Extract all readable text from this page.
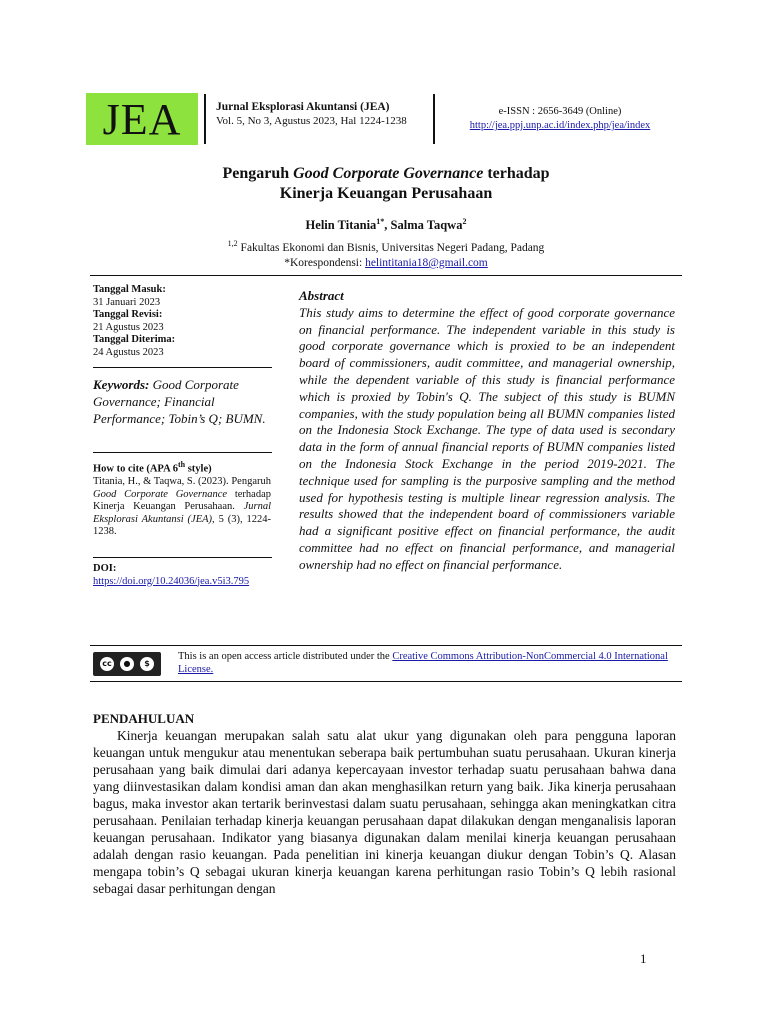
JEA	Jurnal Eksplorasi Akuntansi (JEA)
Vol. 5, No 3, Agustus 2023, Hal 1224-1238
e-ISSN : 2656-3649 (Online)
http://jea.ppj.unp.ac.id/index.php/jea/index
Pengaruh Good Corporate Governance terhadap
Kinerja Keuangan Perusahaan
Helin Titania$^{1*}$, Salma Taqwa$^2$
$^{1,2}$ Fakultas Ekonomi dan Bisnis, Universitas Negeri Padang, Padang
*Korespondensi: helintitania18@gmail.com
Tanggal Masuk:
31 Januari 2023
Tanggal Revisi:
21 Agustus 2023
Tanggal Diterima:
24 Agustus 2023
Keywords: Good Corporate Governance; Financial Performance; Tobin’s Q; BUMN.
How to cite (APA 6th style)
Titania, H., & Taqwa, S. (2023). Pengaruh Good Corporate Governance terhadap Kinerja Keuangan Perusahaan. Jurnal Eksplorasi Akuntansi (JEA), 5 (3), 1224-1238.
DOI:
https://doi.org/10.24036/jea.v5i3.795
Abstract
This study aims to determine the effect of good corporate governance on financial performance. The independent variable in this study is good corporate governance which is proxied to be an independent board of commissioners, audit committee, and managerial ownership, while the dependent variable of this study is financial performance which is proxied by Tobin's Q. The subject of this study is BUMN companies, with the study population being all BUMN companies listed on the Indonesia Stock Exchange. The type of data used is secondary data in the form of annual financial reports of BUMN companies listed on the Indonesia Stock Exchange in the period 2019-2021. The technique used for sampling is the purposive sampling and the method used for hypothesis testing is multiple linear regression analysis. The results showed that the independent board of commissioners variable had a significant positive effect on financial performance, the audit committee had no effect on financial performance, and managerial ownership had no effect on financial performance.
cc	●	$
This is an open access article distributed under the Creative Commons Attribution-NonCommercial 4.0 International License.
PENDAHULUAN
Kinerja keuangan merupakan salah satu alat ukur yang digunakan oleh para pengguna laporan keuangan untuk mengukur atau menentukan seberapa baik pertumbuhan suatu perusahaan. Ukuran kinerja perusahaan yang baik dimulai dari adanya kepercayaan investor terhadap suatu perusahaan bahwa dana yang diinvestasikan dalam kondisi aman dan akan menghasilkan return yang baik. Jika kinerja perusahaan bagus, maka investor akan tertarik berinvestasi dalam suatu perusahaan, sehingga akan meningkatkan citra perusahaan. Penilaian terhadap kinerja keuangan perusahaan dapat dilakukan dengan menganalisis laporan keuangan perusahaan. Indikator yang biasanya digunakan dalam menilai kinerja keuangan perusahaan adalah dengan rasio keuangan. Pada penelitian ini kinerja keuangan diukur dengan Tobin’s Q. Alasan mengapa tobin’s Q sebagai ukuran kinerja keuangan karena perhitungan rasio Tobin’s Q lebih rasional sebagai dasar perhitungan dengan
1
